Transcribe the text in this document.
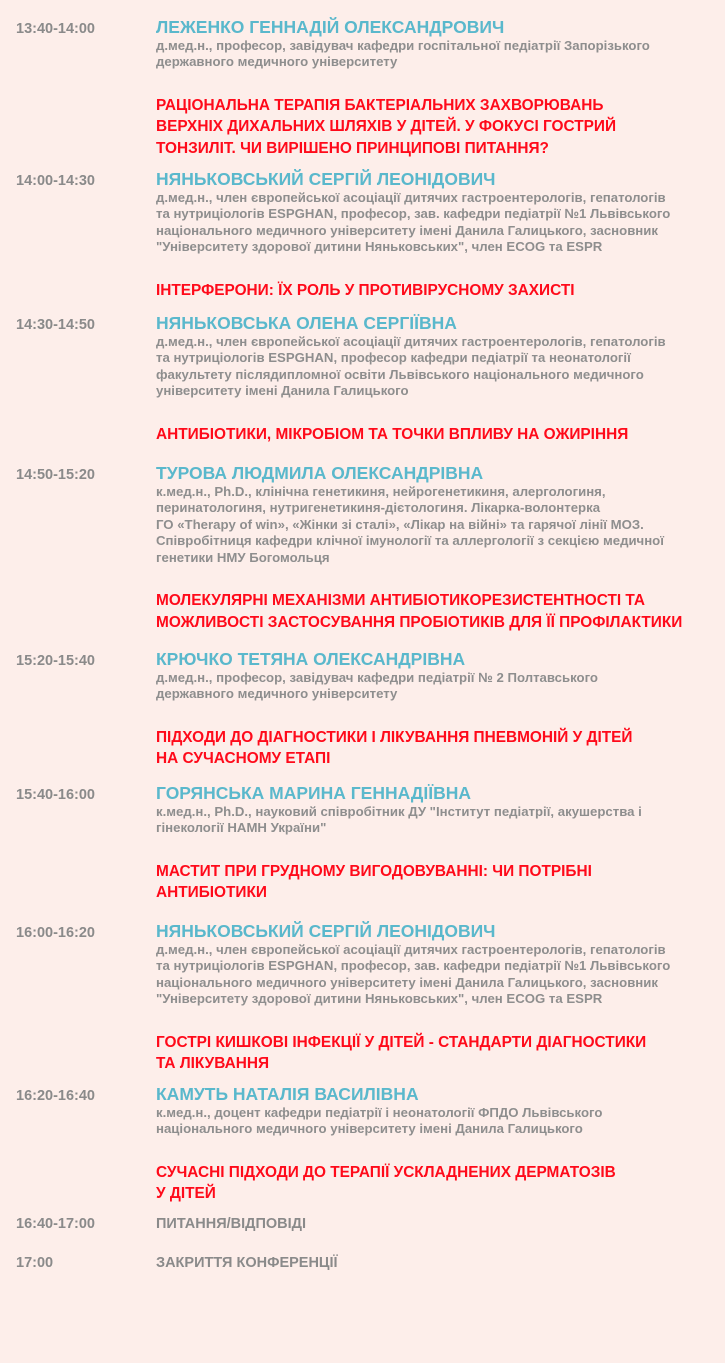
13:40-14:00	ЛЕЖЕНКО ГЕННАДІЙ ОЛЕКСАНДРОВИЧ
д.мед.н., професор, завідувач кафедри госпітальної педіатрії Запорізького
державного медичного університету
РАЦІОНАЛЬНА ТЕРАПІЯ БАКТЕРІАЛЬНИХ ЗАХВОРЮВАНЬ
ВЕРХНІХ ДИХАЛЬНИХ ШЛЯХІВ У ДІТЕЙ. У ФОКУСІ ГОСТРИЙ
ТОНЗИЛІТ. ЧИ ВИРІШЕНО ПРИНЦИПОВІ ПИТАННЯ?
14:00-14:30	НЯНЬКОВСЬКИЙ СЕРГІЙ ЛЕОНІДОВИЧ
д.мед.н., член європейської асоціації дитячих гастроентерологів, гепатологів
та нутриціологів ESPGHAN, професор, зав. кафедри педіатрії №1 Львівського
національного медичного університету імені Данила Галицького, засновник
"Університету здорової дитини Няньковських", член ECOG та ESPR
ІНТЕРФЕРОНИ: ЇХ РОЛЬ У ПРОТИВІРУСНОМУ ЗАХИСТІ
14:30-14:50	НЯНЬКОВСЬКА ОЛЕНА СЕРГІЇВНА
д.мед.н., член європейської асоціації дитячих гастроентерологів, гепатологів
та нутриціологів ESPGHAN, професор кафедри педіатрії та неонатології
факультету післядипломної освіти Львівського національного медичного
університету імені Данила Галицького
АНТИБІОТИКИ, МІКРОБІОМ ТА ТОЧКИ ВПЛИВУ НА ОЖИРІННЯ
14:50-15:20	ТУРОВА ЛЮДМИЛА ОЛЕКСАНДРІВНА
к.мед.н., Ph.D., клінічна генетикиня, нейрогенетикиня, алергологиня,
перинатологиня, нутригенетикиня-дієтологиня. Лікарка-волонтерка
ГО «Therapy of win», «Жінки зі сталі», «Лікар на війні» та гарячої лінії МОЗ.
Співробітниця кафедри клічної імунології та аллергології з секцією медичної
генетики НМУ Богомольця
МОЛЕКУЛЯРНІ МЕХАНІЗМИ АНТИБІОТИКОРЕЗИСТЕНТНОСТІ ТА
МОЖЛИВОСТІ ЗАСТОСУВАННЯ ПРОБІОТИКІВ ДЛЯ ЇЇ ПРОФІЛАКТИКИ
15:20-15:40	КРЮЧКО ТЕТЯНА ОЛЕКСАНДРІВНА
д.мед.н., професор, завідувач кафедри педіатрії № 2 Полтавського
державного медичного університету
ПІДХОДИ ДО ДІАГНОСТИКИ І ЛІКУВАННЯ ПНЕВМОНІЙ У ДІТЕЙ
НА СУЧАСНОМУ ЕТАПІ
15:40-16:00	ГОРЯНСЬКА МАРИНА ГЕННАДІЇВНА
к.мед.н., Ph.D., науковий співробітник ДУ "Інститут педіатрії, акушерства і
гінекології НАМН України"
МАСТИТ ПРИ ГРУДНОМУ ВИГОДОВУВАННІ: ЧИ ПОТРІБНІ
АНТИБІОТИКИ
16:00-16:20	НЯНЬКОВСЬКИЙ СЕРГІЙ ЛЕОНІДОВИЧ
д.мед.н., член європейської асоціації дитячих гастроентерологів, гепатологів
та нутриціологів ESPGHAN, професор, зав. кафедри педіатрії №1 Львівського
національного медичного університету імені Данила Галицького, засновник
"Університету здорової дитини Няньковських", член ECOG та ESPR
ГОСТРІ КИШКОВІ ІНФЕКЦІЇ У ДІТЕЙ - СТАНДАРТИ ДІАГНОСТИКИ
ТА ЛІКУВАННЯ
16:20-16:40	КАМУТЬ НАТАЛІЯ ВАСИЛІВНА
к.мед.н., доцент кафедри педіатрії і неонатології ФПДО Львівського
національного медичного університету імені Данила Галицького
СУЧАСНІ ПІДХОДИ ДО ТЕРАПІЇ УСКЛАДНЕНИХ ДЕРМАТОЗІВ
У ДІТЕЙ
16:40-17:00	ПИТАННЯ/ВІДПОВІДІ
17:00	ЗАКРИТТЯ КОНФЕРЕНЦІЇ
